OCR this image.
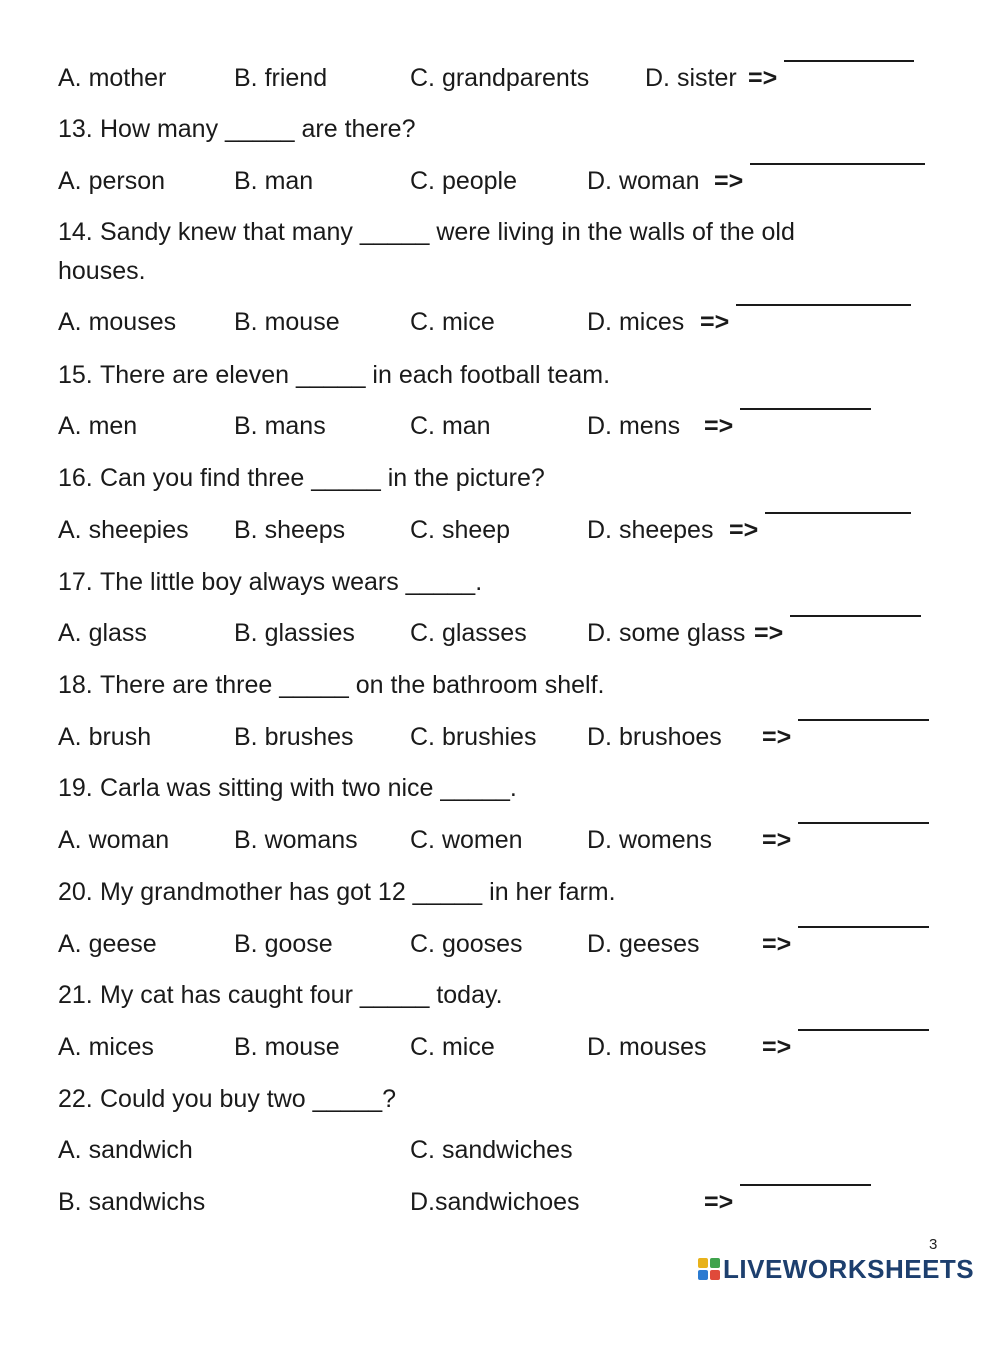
A. mother

	B. friend

	C. grandparents

D. sister

=>

13.

How many _____ are there?

A. person

	B. man

	C. people

	D. woman

=>

14.

Sandy knew that many _____ were living in the walls of the old

houses.

A. mouses

B. mouse

	C. mice

	D. mices

=>

15.

There are eleven _____ in each football team.

A. men

	B. mans

	C. man

	D. mens

=>

16.

Can you find three _____ in the picture?

A. sheepies

B. sheeps

	C. sheep

	D. sheepes

=>

17.

The little boy always wears _____.

A. glass

	B. glassies

C. glasses

D. some glass

=>

18.

There are three _____ on the bathroom shelf.

A. brush

	B. brushes

C. brushies

D. brushoes

=>

19.

Carla was sitting with two nice _____.

A. woman

	B. womans

C. women

	D. womens

=>

20.

My grandmother has got 12 _____ in her farm.

A. geese

	B. goose

	C. gooses

	D. geeses

=>

21.

My cat has caught four _____ today.

A. mices

	B. mouse

	C. mice

	D. mouses

=>

22.

Could you buy two _____?

A. sandwich

	C. sandwiches

B. sandwichs

	D.sandwichoes

	=>

3
LIVEWORKSHEETS
